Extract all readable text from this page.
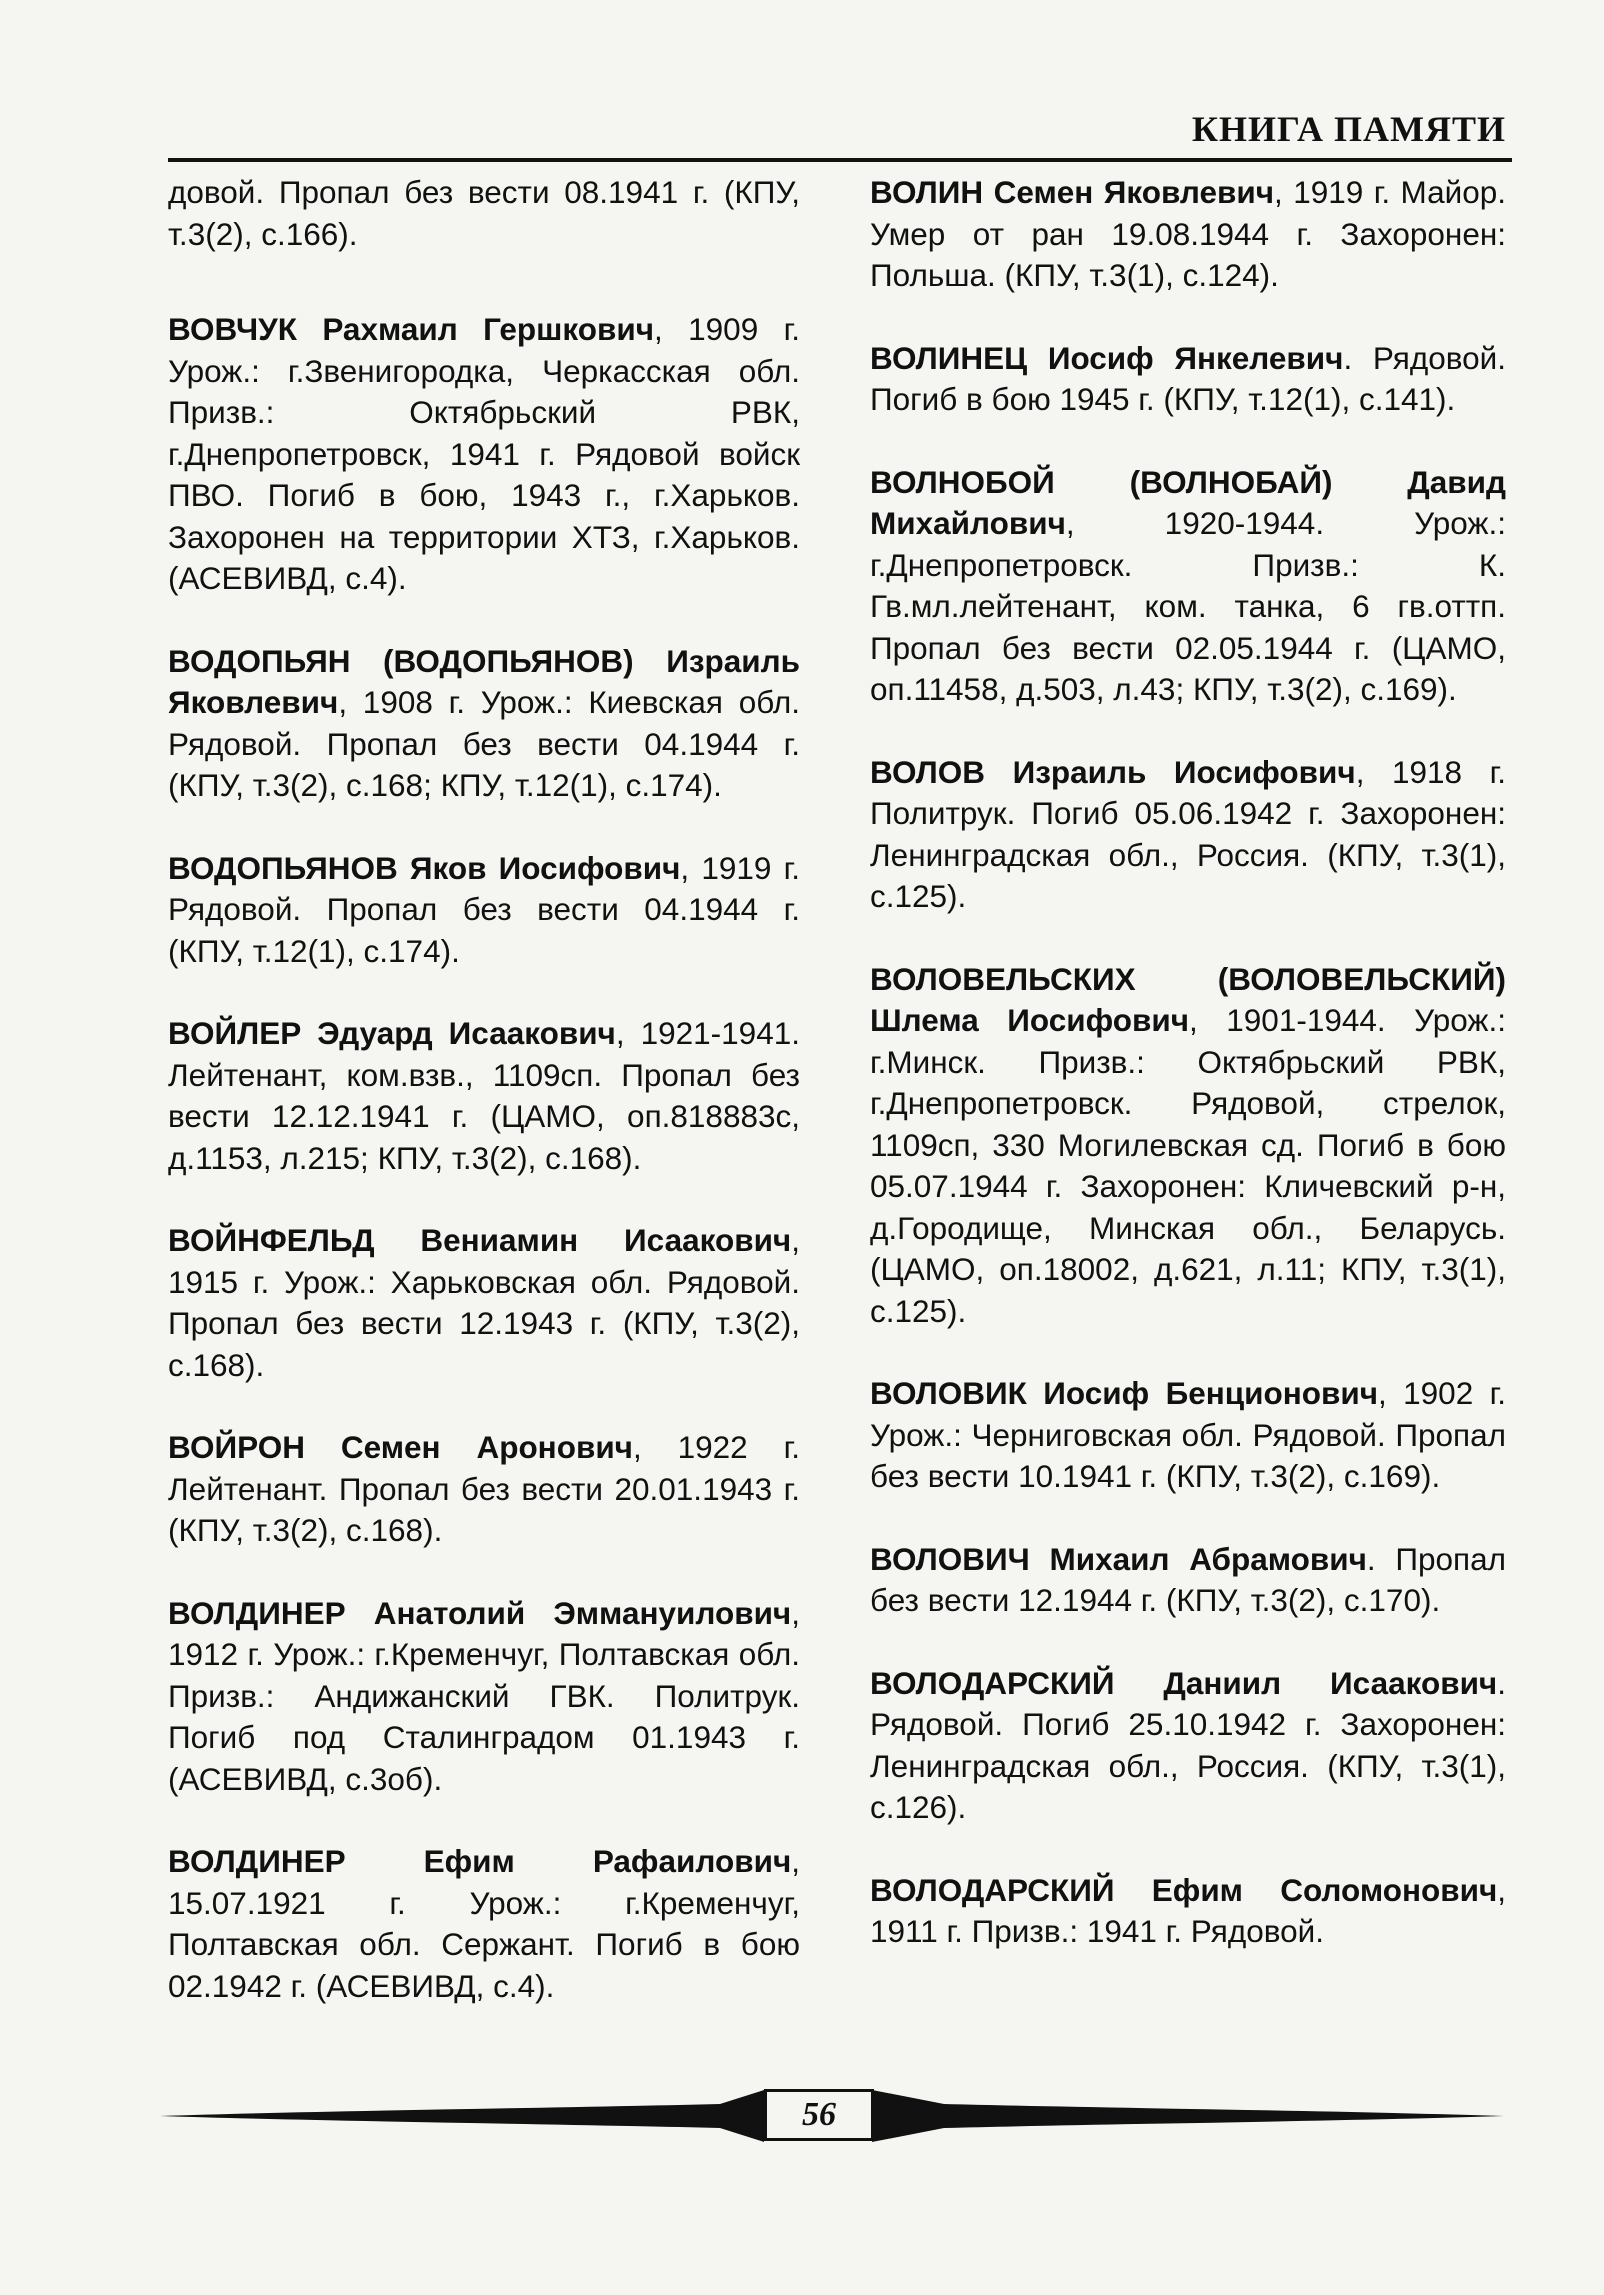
КНИГА ПАМЯТИ

довой. Пропал без вести 08.1941 г. (КПУ, т.3(2), с.166).

ВОВЧУК Рахмаил Гершкович, 1909 г. Урож.: г.Звенигородка, Черкасская обл. Призв.: Октябрьский РВК, г.Днепропетровск, 1941 г. Рядовой войск ПВО. Погиб в бою, 1943 г., г.Харьков. Захоронен на территории ХТЗ, г.Харьков. (АСЕВИВД, с.4).

ВОДОПЬЯН (ВОДОПЬЯНОВ) Израиль Яковлевич, 1908 г. Урож.: Киевская обл. Рядовой. Пропал без вести 04.1944 г. (КПУ, т.3(2), с.168; КПУ, т.12(1), с.174).

ВОДОПЬЯНОВ Яков Иосифович, 1919 г. Рядовой. Пропал без вести 04.1944 г. (КПУ, т.12(1), с.174).

ВОЙЛЕР Эдуард Исаакович, 1921-1941. Лейтенант, ком.взв., 1109сп. Пропал без вести 12.12.1941 г. (ЦАМО, оп.818883с, д.1153, л.215; КПУ, т.3(2), с.168).

ВОЙНФЕЛЬД Вениамин Исаакович, 1915 г. Урож.: Харьковская обл. Рядовой. Пропал без вести 12.1943 г. (КПУ, т.3(2), с.168).

ВОЙРОН Семен Аронович, 1922 г. Лейтенант. Пропал без вести 20.01.1943 г. (КПУ, т.3(2), с.168).

ВОЛДИНЕР Анатолий Эммануилович, 1912 г. Урож.: г.Кременчуг, Полтавская обл. Призв.: Андижанский ГВК. Политрук. Погиб под Сталинградом 01.1943 г. (АСЕВИВД, с.3об).

ВОЛДИНЕР Ефим Рафаилович, 15.07.1921 г. Урож.: г.Кременчуг, Полтавская обл. Сержант. Погиб в бою 02.1942 г. (АСЕВИВД, с.4).

ВОЛИН Семен Яковлевич, 1919 г. Майор. Умер от ран 19.08.1944 г. Захоронен: Польша. (КПУ, т.3(1), с.124).

ВОЛИНЕЦ Иосиф Янкелевич. Рядовой. Погиб в бою 1945 г. (КПУ, т.12(1), с.141).

ВОЛНОБОЙ (ВОЛНОБАЙ) Давид Михайлович, 1920-1944. Урож.: г.Днепропетровск. Призв.: К. Гв.мл.лейтенант, ком. танка, 6 гв.оттп. Пропал без вести 02.05.1944 г. (ЦАМО, оп.11458, д.503, л.43; КПУ, т.3(2), с.169).

ВОЛОВ Израиль Иосифович, 1918 г. Политрук. Погиб 05.06.1942 г. Захоронен: Ленинградская обл., Россия. (КПУ, т.3(1), с.125).

ВОЛОВЕЛЬСКИХ (ВОЛОВЕЛЬСКИЙ) Шлема Иосифович, 1901-1944. Урож.: г.Минск. Призв.: Октябрьский РВК, г.Днепропетровск. Рядовой, стрелок, 1109сп, 330 Могилевская сд. Погиб в бою 05.07.1944 г. Захоронен: Кличевский р-н, д.Городище, Минская обл., Беларусь. (ЦАМО, оп.18002, д.621, л.11; КПУ, т.3(1), с.125).

ВОЛОВИК Иосиф Бенционович, 1902 г. Урож.: Черниговская обл. Рядовой. Пропал без вести 10.1941 г. (КПУ, т.3(2), с.169).

ВОЛОВИЧ Михаил Абрамович. Пропал без вести 12.1944 г. (КПУ, т.3(2), с.170).

ВОЛОДАРСКИЙ Даниил Исаакович. Рядовой. Погиб 25.10.1942 г. Захоронен: Ленинградская обл., Россия. (КПУ, т.3(1), с.126).

ВОЛОДАРСКИЙ Ефим Соломонович, 1911 г. Призв.: 1941 г. Рядовой.

56
